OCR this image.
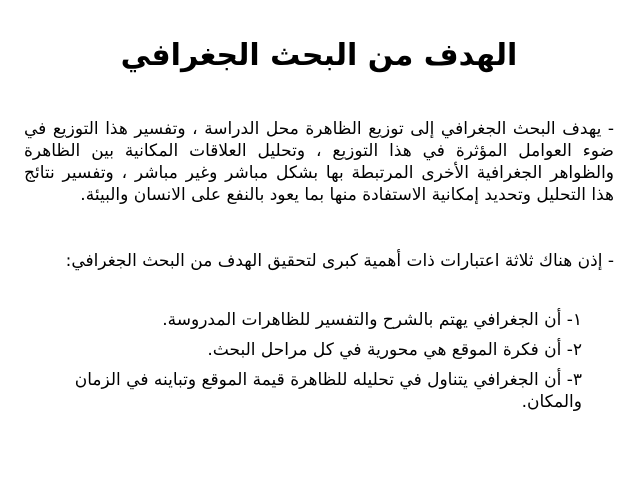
الهدف من البحث الجغرافي
- يهدف البحث الجغرافي إلى توزيع الظاهرة محل الدراسة ، وتفسير هذا التوزيع في ضوء العوامل المؤثرة في هذا التوزيع ، وتحليل العلاقات المكانية بين الظاهرة والظواهر الجغرافية الأخرى المرتبطة بها بشكل مباشر وغير مباشر ، وتفسير نتائج هذا التحليل وتحديد إمكانية الاستفادة منها بما يعود بالنفع على الانسان والبيئة.
- إذن هناك ثلاثة اعتبارات ذات أهمية كبرى لتحقيق الهدف من البحث الجغرافي:
١- أن الجغرافي يهتم بالشرح والتفسير للظاهرات المدروسة.
٢- أن فكرة الموقع هي محورية في كل مراحل البحث.
٣- أن الجغرافي يتناول في تحليله للظاهرة قيمة الموقع وتباينه في الزمان والمكان.
